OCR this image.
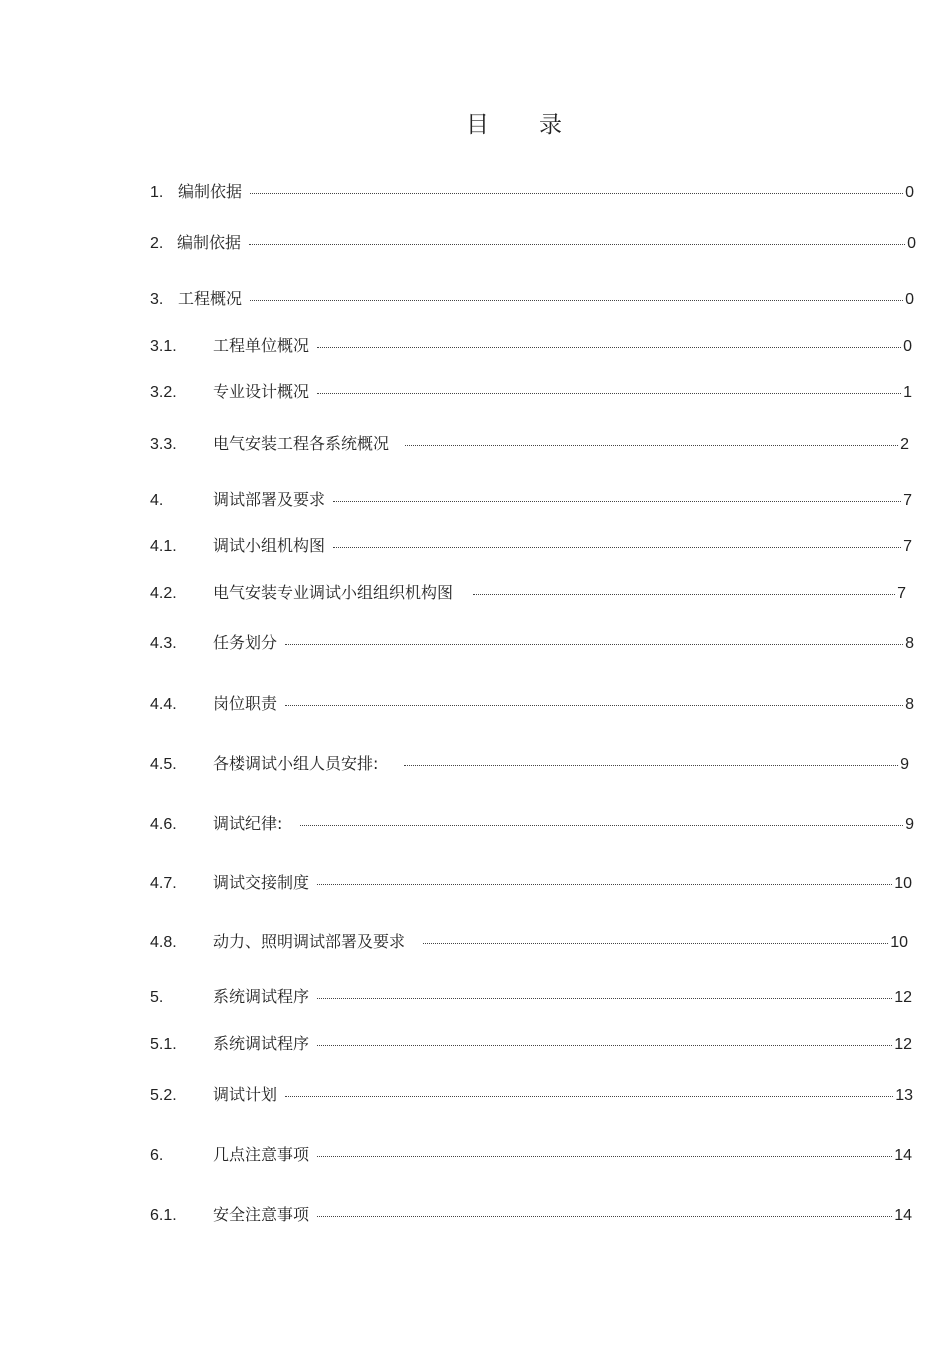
目 录
1. 编制依据	0
2. 编制依据	0
3. 工程概况	0
3.1.	工程单位概况	0
3.2.	专业设计概况	1
3.3.	电气安装工程各系统概况	2
4.	调试部署及要求	7
4.1.	调试小组机构图	7
4.2.	电气安装专业调试小组组织机构图	7
4.3.	任务划分	8
4.4.	岗位职责	8
4.5.	各楼调试小组人员安排:	9
4.6.	调试纪律:	9
4.7.	调试交接制度	10
4.8.	动力、照明调试部署及要求	10
5.	系统调试程序	12
5.1.	系统调试程序	12
5.2.	调试计划	13
6.	几点注意事项	14
6.1.	安全注意事项	14
